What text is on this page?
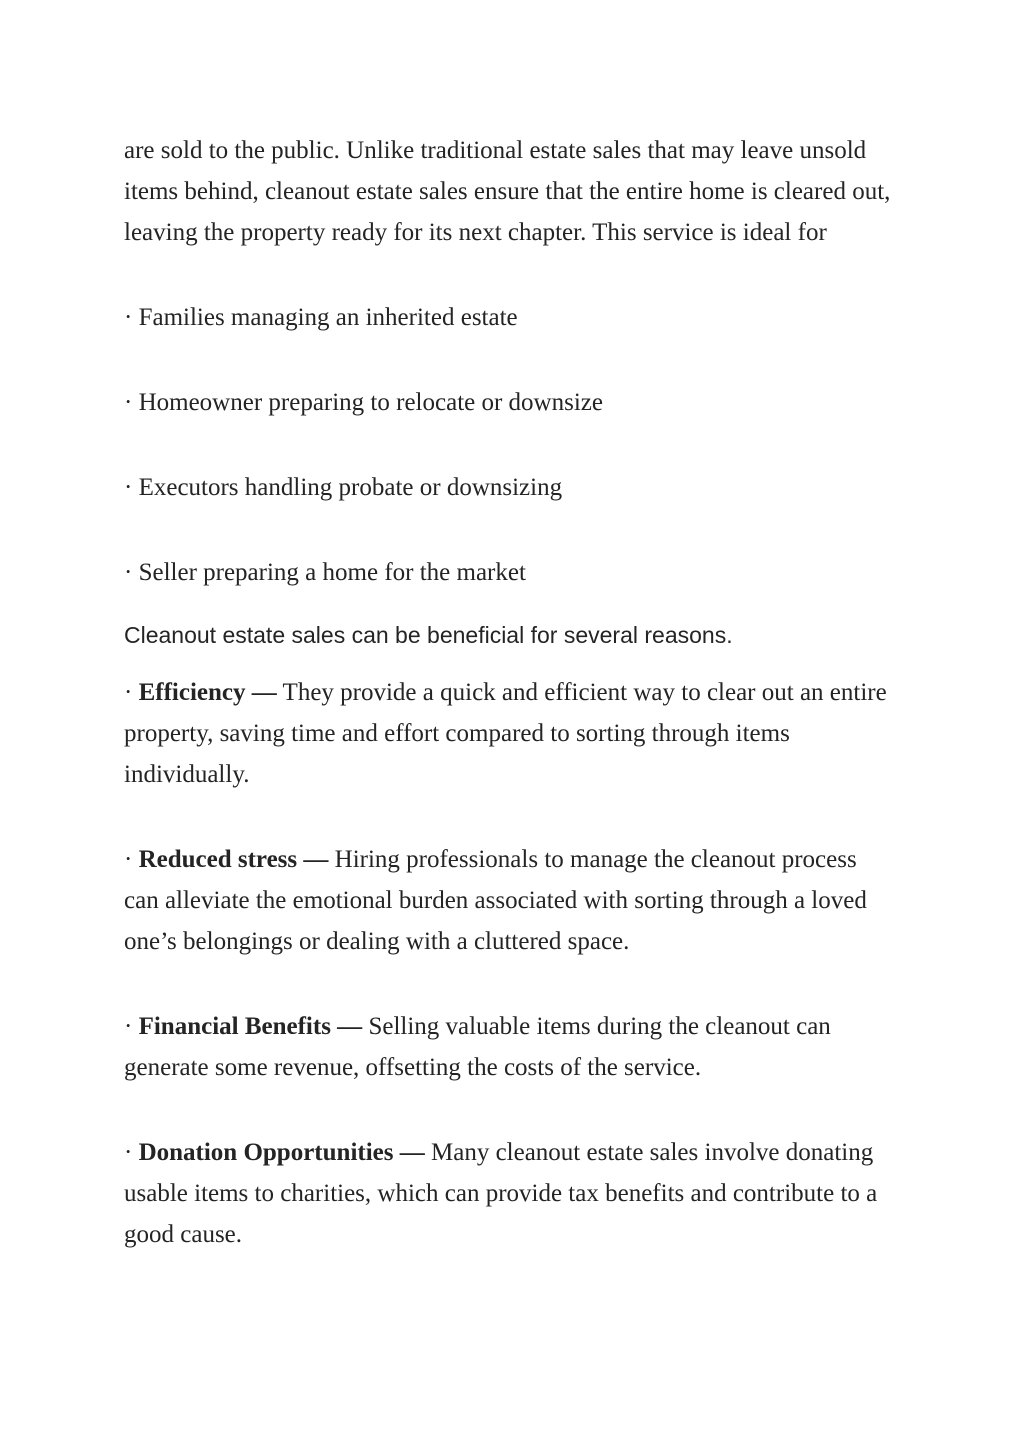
are sold to the public. Unlike traditional estate sales that may leave unsold items behind, cleanout estate sales ensure that the entire home is cleared out, leaving the property ready for its next chapter. This service is ideal for

· Families managing an inherited estate

· Homeowner preparing to relocate or downsize

· Executors handling probate or downsizing

· Seller preparing a home for the market

Cleanout estate sales can be beneficial for several reasons.

· Efficiency — They provide a quick and efficient way to clear out an entire property, saving time and effort compared to sorting through items individually.

· Reduced stress — Hiring professionals to manage the cleanout process can alleviate the emotional burden associated with sorting through a loved one’s belongings or dealing with a cluttered space.

· Financial Benefits — Selling valuable items during the cleanout can generate some revenue, offsetting the costs of the service.

· Donation Opportunities — Many cleanout estate sales involve donating usable items to charities, which can provide tax benefits and contribute to a good cause.
